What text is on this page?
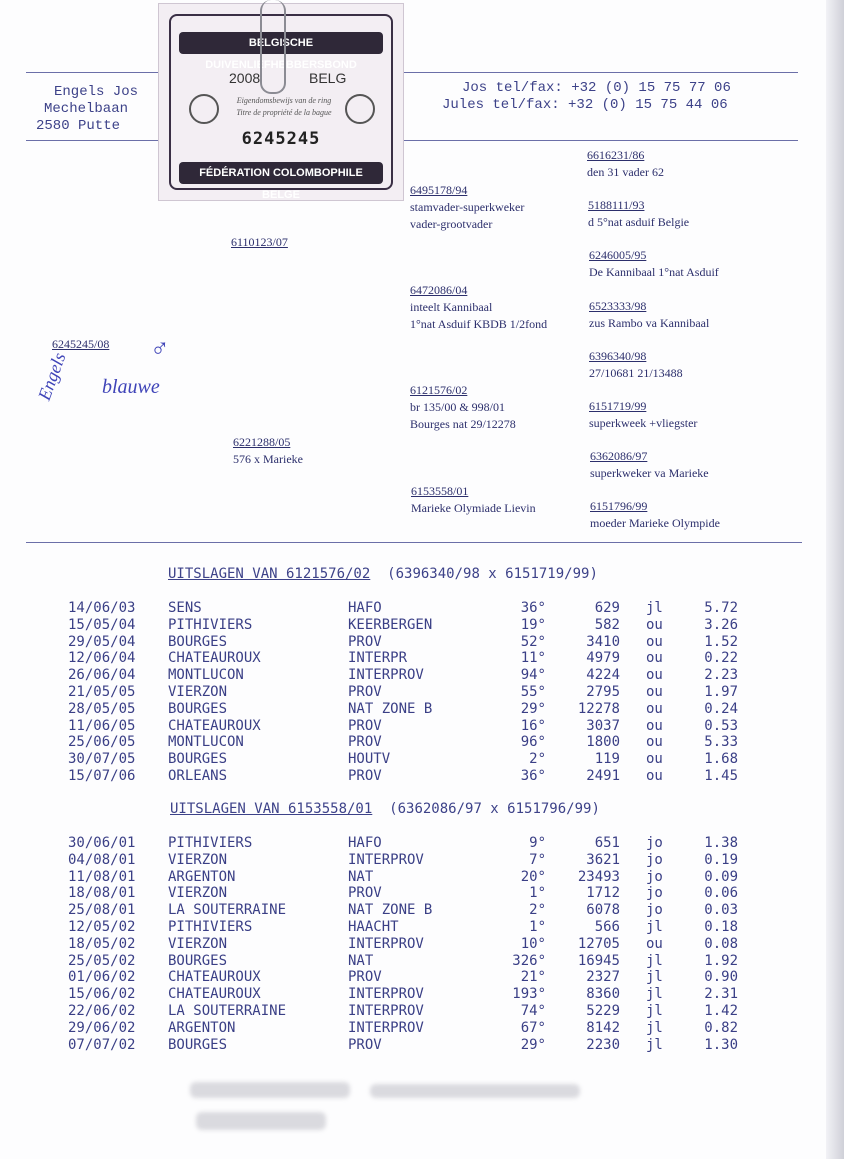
Engels Jos
Mechelbaan
2580 Putte
Jos tel/fax: +32 (0) 15 75 77 06
Jules tel/fax: +32 (0) 15 75 44 06
BELGISCHE DUIVENLIEFHEBBERSBOND
2008	BELG
Eigendomsbewijs van de ring
Titre de propriété de la bague
6245245
FÉDÉRATION COLOMBOPHILE BELGE
6245245/08 ♂
blauwe
Engels
6110123/07
6221288/05
576 x Marieke
6495178/94
stamvader-superkweker
vader-grootvader
6472086/04
inteelt Kannibaal
1°nat Asduif KBDB 1/2fond
6121576/02
br 135/00 & 998/01
Bourges nat 29/12278
6153558/01
Marieke Olymiade Lievin
6616231/86
den 31 vader 62
5188111/93
d 5°nat asduif Belgie
6246005/95
De Kannibaal 1°nat Asduif
6523333/98
zus Rambo va Kannibaal
6396340/98
27/10681 21/13488
6151719/99
superkweek +vliegster
6362086/97
superkweker va Marieke
6151796/99
moeder Marieke Olympide
UITSLAGEN VAN 6121576/02 (6396340/98 x 6151719/99)
14/06/03 SENS	HAFO	36°	629 jl	5.72
15/05/04 PITHIVIERS	KEERBERGEN	19°	582 ou	3.26
29/05/04 BOURGES	PROV	52°	3410 ou	1.52
12/06/04 CHATEAUROUX	INTERPR	11°	4979 ou	0.22
26/06/04 MONTLUCON	INTERPROV	94°	4224 ou	2.23
21/05/05 VIERZON	PROV	55°	2795 ou	1.97
28/05/05 BOURGES	NAT ZONE B	29°	12278 ou	0.24
11/06/05 CHATEAUROUX	PROV	16°	3037 ou	0.53
25/06/05 MONTLUCON	PROV	96°	1800 ou	5.33
30/07/05 BOURGES	HOUTV	2°	119 ou	1.68
15/07/06 ORLEANS	PROV	36°	2491 ou	1.45
UITSLAGEN VAN 6153558/01 (6362086/97 x 6151796/99)
30/06/01 PITHIVIERS	HAFO	9°	651 jo	1.38
04/08/01 VIERZON	INTERPROV	7°	3621 jo	0.19
11/08/01 ARGENTON	NAT	20°	23493 jo	0.09
18/08/01 VIERZON	PROV	1°	1712 jo	0.06
25/08/01 LA SOUTERRAINE	NAT ZONE B	2°	6078 jo	0.03
12/05/02 PITHIVIERS	HAACHT	1°	566 jl	0.18
18/05/02 VIERZON	INTERPROV	10°	12705 ou	0.08
25/05/02 BOURGES	NAT	326°	16945 jl	1.92
01/06/02 CHATEAUROUX	PROV	21°	2327 jl	0.90
15/06/02 CHATEAUROUX	INTERPROV	193°	8360 jl	2.31
22/06/02 LA SOUTERRAINE	INTERPROV	74°	5229 jl	1.42
29/06/02 ARGENTON	INTERPROV	67°	8142 jl	0.82
07/07/02 BOURGES	PROV	29°	2230 jl	1.30
